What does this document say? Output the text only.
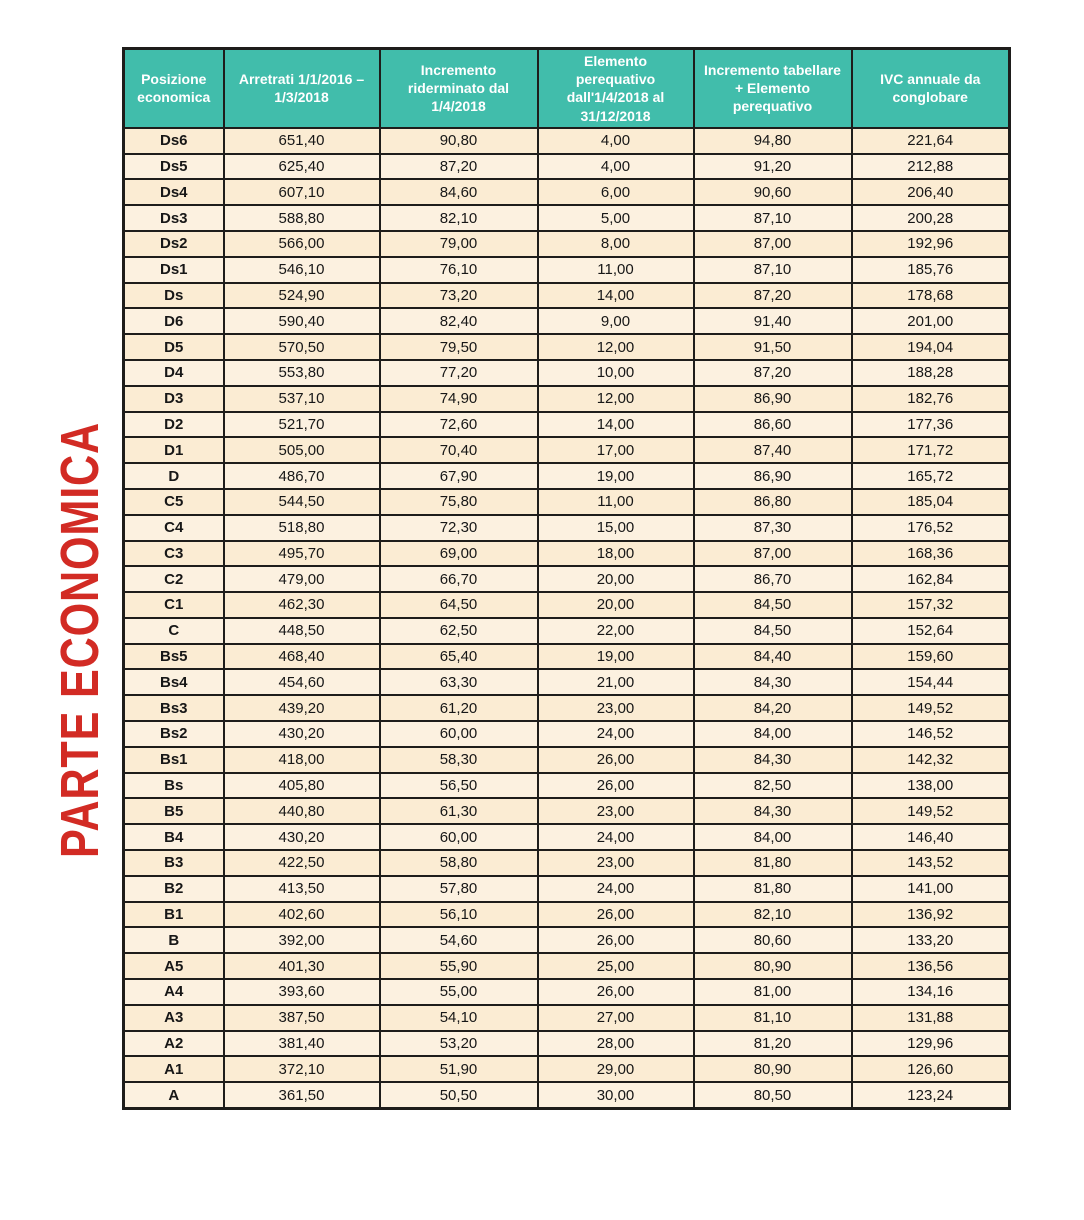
PARTE ECONOMICA
Posizione economica	Arretrati 1/1/2016 – 1/3/2018	Incremento riderminato dal 1/4/2018	Elemento perequativo dall'1/4/2018 al 31/12/2018	Incremento tabellare + Elemento perequativo	IVC annuale da conglobare
Ds6	651,40	90,80	4,00	94,80	221,64
Ds5	625,40	87,20	4,00	91,20	212,88
Ds4	607,10	84,60	6,00	90,60	206,40
Ds3	588,80	82,10	5,00	87,10	200,28
Ds2	566,00	79,00	8,00	87,00	192,96
Ds1	546,10	76,10	11,00	87,10	185,76
Ds	524,90	73,20	14,00	87,20	178,68
D6	590,40	82,40	9,00	91,40	201,00
D5	570,50	79,50	12,00	91,50	194,04
D4	553,80	77,20	10,00	87,20	188,28
D3	537,10	74,90	12,00	86,90	182,76
D2	521,70	72,60	14,00	86,60	177,36
D1	505,00	70,40	17,00	87,40	171,72
D	486,70	67,90	19,00	86,90	165,72
C5	544,50	75,80	11,00	86,80	185,04
C4	518,80	72,30	15,00	87,30	176,52
C3	495,70	69,00	18,00	87,00	168,36
C2	479,00	66,70	20,00	86,70	162,84
C1	462,30	64,50	20,00	84,50	157,32
C	448,50	62,50	22,00	84,50	152,64
Bs5	468,40	65,40	19,00	84,40	159,60
Bs4	454,60	63,30	21,00	84,30	154,44
Bs3	439,20	61,20	23,00	84,20	149,52
Bs2	430,20	60,00	24,00	84,00	146,52
Bs1	418,00	58,30	26,00	84,30	142,32
Bs	405,80	56,50	26,00	82,50	138,00
B5	440,80	61,30	23,00	84,30	149,52
B4	430,20	60,00	24,00	84,00	146,40
B3	422,50	58,80	23,00	81,80	143,52
B2	413,50	57,80	24,00	81,80	141,00
B1	402,60	56,10	26,00	82,10	136,92
B	392,00	54,60	26,00	80,60	133,20
A5	401,30	55,90	25,00	80,90	136,56
A4	393,60	55,00	26,00	81,00	134,16
A3	387,50	54,10	27,00	81,10	131,88
A2	381,40	53,20	28,00	81,20	129,96
A1	372,10	51,90	29,00	80,90	126,60
A	361,50	50,50	30,00	80,50	123,24
